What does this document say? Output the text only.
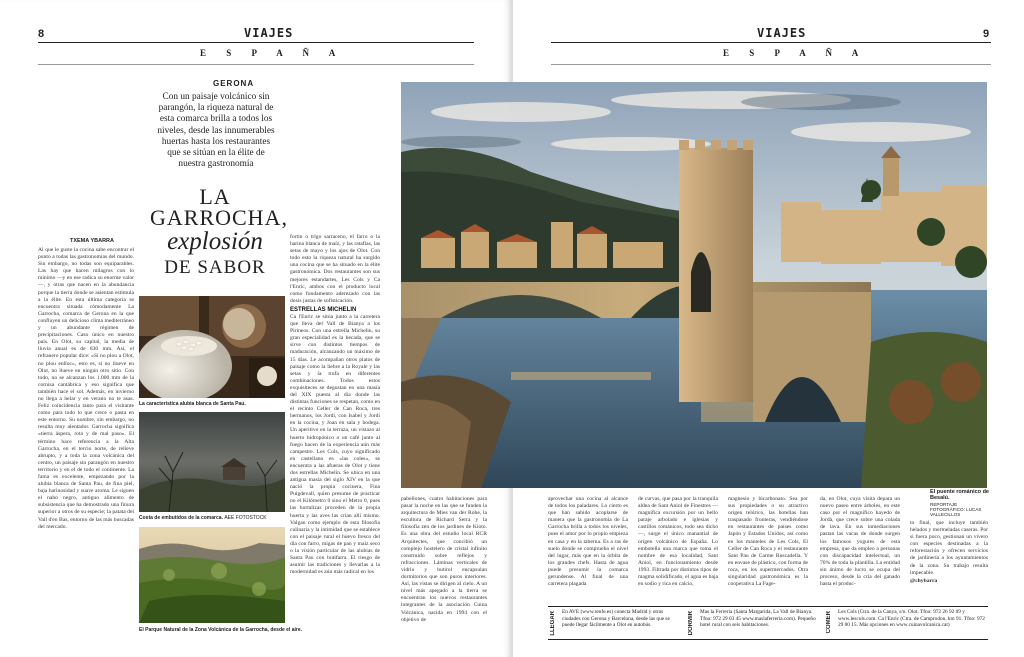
8	VIAJES
E S P A Ñ A
GERONA
Con un paisaje volcánico sin parangón, la riqueza natural de esta comarca brilla a todos los niveles, desde las innumerables huertas hasta los restaurantes que se sitúan en la élite de nuestra gastronomía
LA
GARROCHA,
explosión
DE SABOR
TXEMA YBARRA

Al que le guste la cocina sabe encontrar el punto a todas las gastronomías del mundo. Sin embargo, no todas son equiparables. Las hay que hacen milagros con lo mínimo —y en ese radica su enorme valor—, y otras que nacen en la abundancia porque la tierra donde se asientan estimula a la élite. En esta última categoría se encuentra situada cómodamente La Garrocha, comarca de Gerona en la que confluyen un delicioso clima mediterráneo y un abundante régimen de precipitaciones. Caso único en nuestro país. En Olot, su capital, la media de lluvia anual es de 830 mm. Así, el refranero popular dice: «Si no plou a Olot, no plou enlloc», esto es, si no llueve en Olot, no llueve en ningún otro sitio. Con todo, no se alcanzan los 1.000 mm de la cornisa cantábrica y eso significa que también hace el sol. Además, en invierno no llega a helar y en verano no te asas. Feliz coincidencia tanto para el visitante como para todo lo que crece o pasta en este entorno. Su nombre, sin embargo, no resulta muy alentador. Garrocha significa «tierra áspera, rota y de mal paso». El término hace referencia a la Alta Garrocha, en el tercio norte, de relieve abrupto, y a toda la zona volcánica del centro, un paisaje sin parangón en nuestro territorio y en el de todo el continente. La fama es excelente, empezando por la alubia blanca de Santa Pau, de fina piel, baja harinosidad y suave aroma. Le siguen el nabo negro, antiguo alimento de subsistencia que ha demostrado una finura superior a otros de su especie; la patata del Vall d'en Bas, entorno de las más buscadas del mercado.

La característica alubia blanca de Santa Pau.
Costa de embutidos de la comarca. AEE FOTOSTOCK
El Parque Natural de la Zona Volcánica de la Garrocha, desde el aire.

fortín o trigo sarraceno, el farro o la harina blanca de maíz, y las ratafías, las setas de mayo y los ajos de Olot. Con todo esto la riqueza natural ha surgido una cocina que se ha situado en la élite gastronómica. Dos restaurantes son sus mejores estandartes, Les Cols y Ca l'Enric, ambos con el producto local como fundamento aderezado con las dosis justas de sofisticación.

ESTRELLAS MICHELIN

Ca l'Enric se sitúa junto a la carretera que lleva del Vall de Bianya a los Pirineos. Con una estrella Michelin, su gran especialidad es la becada, que se sirve con distintos tiempos de maduración, alcanzando un máximo de 15 días. Le acompañan otros platos de paisaje como la liebre a la Royale y las setas y la trufa en diferentes combinaciones. Todos estos exquisiteces se degustan en una masía del XIX puesta al día donde las distintas funciones se respetan, como en el recinto Celler de Can Roca, tres hermanos, los Jordi, con Isabel y Jordi en la cocina, y Joan en sala y bodega. Un aperitivo en la terraza, un vistazo al huerto hidropónico o un café junto al fuego hacen de la experiencia aún más campestre. Les Cols, cuyo significado en castellano es «las coles», se encuentra a las afueras de Olot y tiene dos estrellas Michelin. Se ubica en una antigua masía del siglo XIV en la que nació la propia cocinera, Fina Puigdevall, quien presume de practicar no el Kilómetro 0 sino el Metro 0, pues las hortalizas proceden de la propia huerta y las aves las crían allí mismo. Valgan como ejemplo de esta filosofía culinaria y la intimidad que se establece con el paisaje rural el huevo fresco del día con farro, migas de pan y maíz seco o la vísión particular de las alubias de Santa Pau con butifarra. El riesgo de asumir las tradiciones y llevarlas a la modernidad es aún más radical en los

9
VIAJES
E S P A Ñ A
El puente románico de Besalú.
REPORTAJE FOTOGRÁFICO: LUCAS VALLECILLOS

pabellones, cuatro habitaciones para pasar la noche en las que se funden la arquitectura de Mies van der Rohe, la escultura de Richard Serra y la filosofía zen de los jardines de Kioto. Es una obra del estudio local RCR Arquitectes, que concibió un complejo hostelero de cristal infinito construido sobre reflejos y refracciones. Láminas verticales de vidrio y butirol encapsulan dormitorios que son puros interiores. Así, las vistas se dirigen al cielo. A un nivel más apegado a la tierra se encuentran los nuevos restaurantes integrantes de la asociación Cuina Volcànica, nacida en 1994 con el objetivo de

aprovechar una cocina al alcance de todos los paladares. Lo cierto es que han sabido acoplarse de manera que la gastronomía de La Garrocha brilla a todos los niveles, pues el amor por lo propio empieza en casa y en la taberna. Es a ras de suelo donde se comprueba el nivel del lugar, más que en la órbita de los grandes chefs. Hasta de agua puede presumir la comarca gerundense. Al final de una carretera plagada

de curvas, que pasa por la tranquila aldea de Sant Aniol de Finestres —magnífica excursión por un bello paraje arbolado e iglesias y castillos románicos, todo sea dicho—, surge el único manantial de origen volcánico de España. Lo embotella una marca que toma el nombre de esa localidad, Sant Aniol, en funcionamiento desde 1993. Filtrada por distintos tipos de magma solidificado, el agua es baja en sodio y rica en calcio,

magnesio y bicarbonato. Sea por sus propiedades o su atractivo origen telúrico, las botellas han traspasado fronteras, vendiéndose en restaurantes de países como Japón y Estados Unidos, así como en los manteles de Les Cols, El Celler de Can Roca y el restaurante Sant Pau de Carme Ruscadella. Y en envase de plástico, con forma de roca, en los supermercados. Otra singularidad gastronómica es la cooperativa La Fage-

da, en Olot, cuya visita depara un nuevo paseo entre árboles, en este caso por el magnífico hayedo de Jordà, que crece sobre una colada de lava. En sus inmediaciones pastan las vacas de donde surgen los famosos yogures de esta empresa, que da empleo a personas con discapacidad intelectual, un 70% de toda la plantilla. La entidad sin ánimo de lucro se ocupa del proceso, desde la cría del ganado hasta el produc-

to final, que incluye también helados y mermeladas caseras. Por si fuera poco, gestionan un vivero con especies destinadas a la reforestación y ofrecen servicios de jardinería a los ayuntamientos de la zona. Su trabajo resulta impecable.

@chybarra
LLEGAR En AVE (www.renfe.es) conecta Madrid y otras ciudades con Gerona y Barcelona, desde las que se puede llegar fácilmente a Olot en autobús.	DORMIR Mas la Ferreria (Santa Margarida, La Vall de Bianya. Tfno: 972 29 03 45 www.maslaferreria.com). Pequeño hotel rural con seis habitaciones.	COMER Les Cols (Ctra. de la Canya, s/n. Olot. Tfno: 972 26 92 09 y www.lescols.com. Ca l'Enric (Ctra. de Camprodon, km 91. Tfno: 972 29 00 15. Más opciones en www.cuinavolcanica.cat)
